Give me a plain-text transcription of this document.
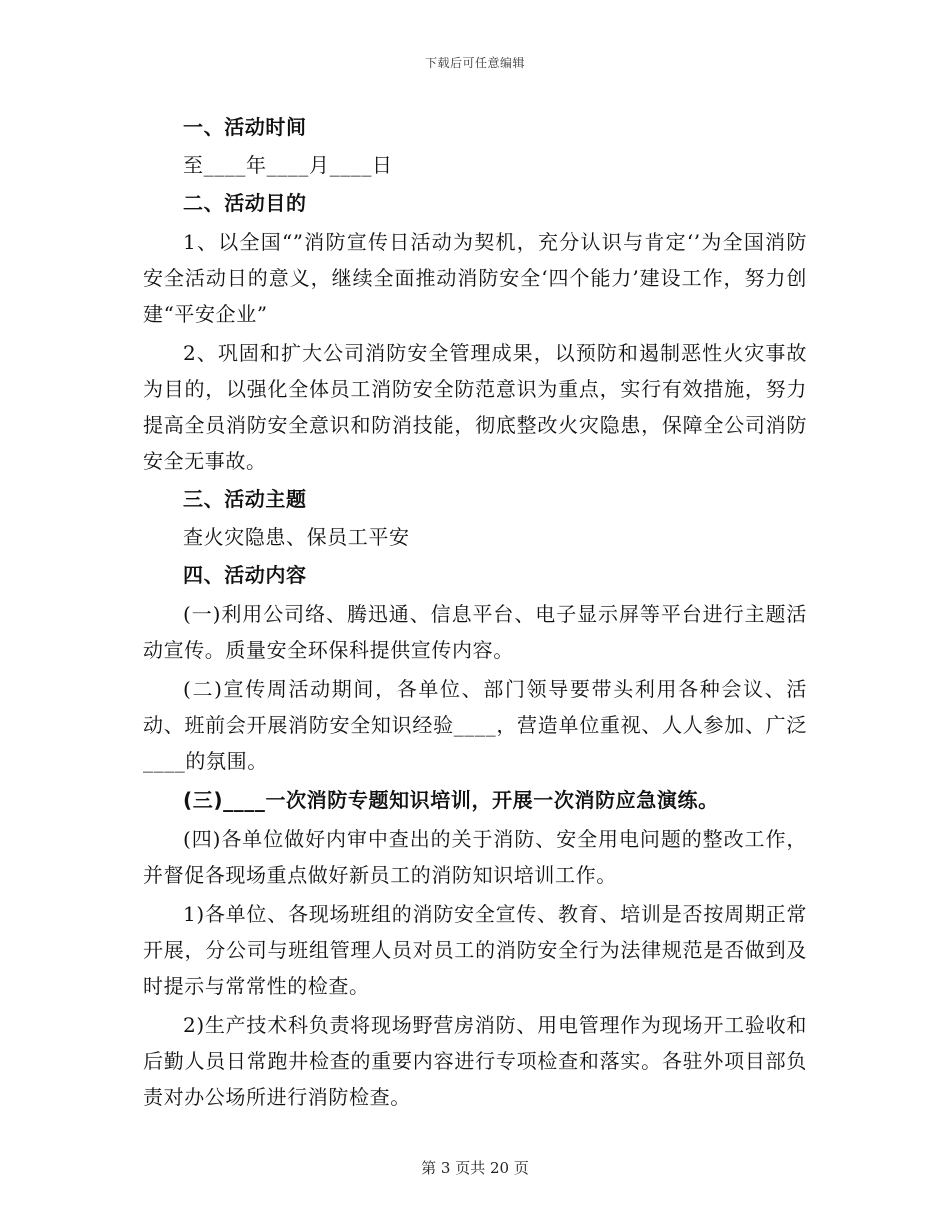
下载后可任意编辑

一、活动时间

至____年____月____日

二、活动目的

1、以全国“”消防宣传日活动为契机，充分认识与肯定‘’为全国消防安全活动日的意义，继续全面推动消防安全‘四个能力’建设工作，努力创建“平安企业”

2、巩固和扩大公司消防安全管理成果，以预防和遏制恶性火灾事故为目的，以强化全体员工消防安全防范意识为重点，实行有效措施，努力提高全员消防安全意识和防消技能，彻底整改火灾隐患，保障全公司消防安全无事故。

三、活动主题

查火灾隐患、保员工平安

四、活动内容

(一)利用公司络、腾迅通、信息平台、电子显示屏等平台进行主题活动宣传。质量安全环保科提供宣传内容。

(二)宣传周活动期间，各单位、部门领导要带头利用各种会议、活动、班前会开展消防安全知识经验____，营造单位重视、人人参加、广泛____的氛围。

(三)____一次消防专题知识培训，开展一次消防应急演练。

(四)各单位做好内审中查出的关于消防、安全用电问题的整改工作，并督促各现场重点做好新员工的消防知识培训工作。

1)各单位、各现场班组的消防安全宣传、教育、培训是否按周期正常开展，分公司与班组管理人员对员工的消防安全行为法律规范是否做到及时提示与常常性的检查。

2)生产技术科负责将现场野营房消防、用电管理作为现场开工验收和后勤人员日常跑井检查的重要内容进行专项检查和落实。各驻外项目部负责对办公场所进行消防检查。

第 3 页共 20 页
